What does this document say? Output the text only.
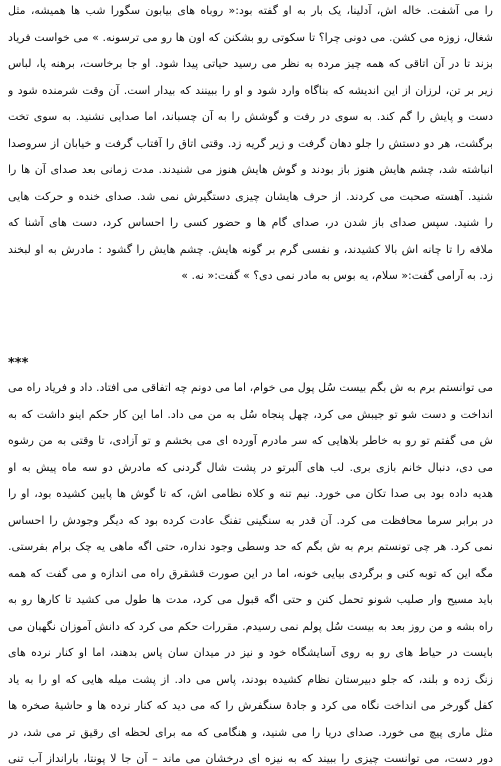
را می آشفت. خاله اش، آدلینا، یک بار به او گفته بود:« روباه های بیابون سگورا شب ها همیشه، مثل
شغال، زوزه می کشن. می دونی چرا؟ تا سکوتی رو بشکنن که اون ها رو می ترسونه. » می خواست فریاد
بزند تا در آن اتاقی که همه چیز مرده به نظر می رسید حیاتی پیدا شود. او جا برخاست، برهنه پا، لباس
زیر بر تن، لرزان از این اندیشه که بناگاه وارد شود و او را ببینند که بیدار است. آن وقت شرمنده شود و
دست و پایش را گم کند. به سوی در رفت و گوشش را به آن چسباند، اما صدایی نشنید. به سوی تخت
برگشت، هر دو دستش را جلو دهان گرفت و زیر گریه زد. وقتی اتاق را آفتاب گرفت و خیابان از سروصدا
انباشته شد، چشم هایش هنوز باز بودند و گوش هایش هنوز می شنیدند. مدت زمانی بعد صدای آن ها را
شنید. آهسته صحبت می کردند. از حرف هایشان چیزی دستگیرش نمی شد. صدای خنده و حرکت هایی
را شنید. سپس صدای باز شدن در، صدای گام ها و حضور کسی را احساس کرد، دست های آشنا که
ملافه را تا چانه اش بالا کشیدند، و نفسی گرم بر گونه هایش. چشم هایش را گشود : مادرش به او لبخند
زد. به آرامی گفت:« سلام، یه بوس به مادر نمی دی؟ » گفت:« نه. »
***
می توانستم برم به ش بگم بیست سُل پول می خوام، اما می دونم چه اتفاقی می افتاد. داد و فریاد راه می
انداخت و دست شو تو جیبش می کرد، چهل پنجاه سُل به من می داد. اما این کار حکم اینو داشت که به
ش می گفتم تو رو به خاطر بلاهایی که سر مادرم آورده ای می بخشم و تو آزادی، تا وقتی به من رشوه
می دی، دنبال خانم بازی بری. لب های آلبرتو در پشت شال گردنی که مادرش دو سه ماه پیش به او
هدیه داده بود بی صدا تکان می خورد. نیم تنه و کلاه نظامی اش، که تا گوش ها پایین کشیده بود، او را
در برابر سرما محافظت می کرد. آن قدر به سنگینی تفنگ عادت کرده بود که دیگر وجودش را احساس
نمی کرد. هر چی تونستم برم به ش بگم که حد وسطی وجود نداره، حتی اگه ماهی یه چک برام بفرستی.
مگه این که توبه کنی و برگردی بیایی خونه، اما در این صورت قشقرق راه می اندازه و می گفت که همه
باید مسیح وار صلیب شونو تحمل کنن و حتی اگه قبول می کرد، مدت ها طول می کشید تا کارها رو به
راه بشه و من روز بعد به بیست سُل پولم نمی رسیدم. مقررات حکم می کرد که دانش آموزان نگهبان می
بایست در حیاط های رو به روی آسایشگاه خود و نیز در میدان سان پاس بدهند، اما او کنار نرده های
زنگ زده و بلند، که جلو دبیرستان نظام کشیده بودند، پاس می داد. از پشت میله هایی که او را به یاد
کفل گورخر می انداخت نگاه می کرد و جادۀ سنگفرش را که می دید که کنار نرده ها و حاشیۀ صخره ها
مثل ماری پیچ می خورد. صدای دریا را می شنید، و هنگامی که مه برای لحظه ای رقیق تر می شد، در
دور دست، می توانست چیزی را ببیند که به نیزه ای درخشان می ماند – آن جا لا پونتا، بارانداز آب تنی
